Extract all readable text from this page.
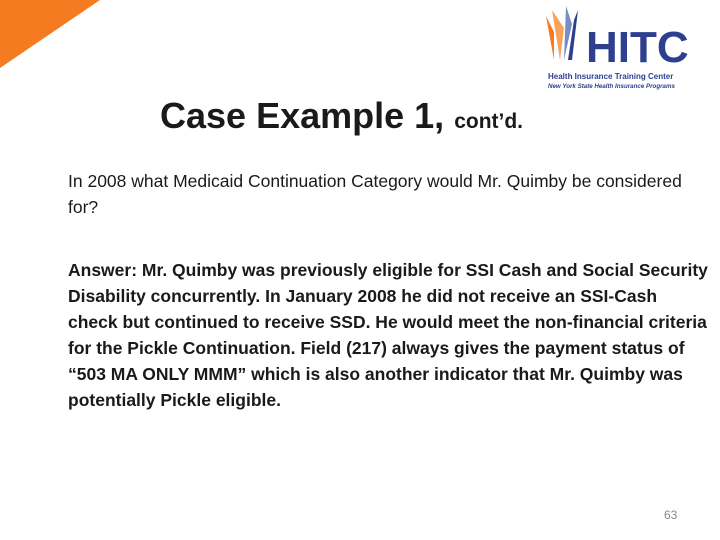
HITC
Health Insurance Training Center
New York State Health Insurance Programs
Case Example 1, cont’d.
In 2008 what Medicaid Continuation Category would Mr. Quimby be considered for?
Answer: Mr. Quimby was previously eligible for SSI Cash and Social Security Disability concurrently. In January 2008 he did not receive an SSI-Cash check but continued to receive SSD. He would meet the non-financial criteria for the Pickle Continuation. Field (217) always gives the payment status of “503 MA ONLY MMM” which is also another indicator that Mr. Quimby was potentially Pickle eligible.
63
